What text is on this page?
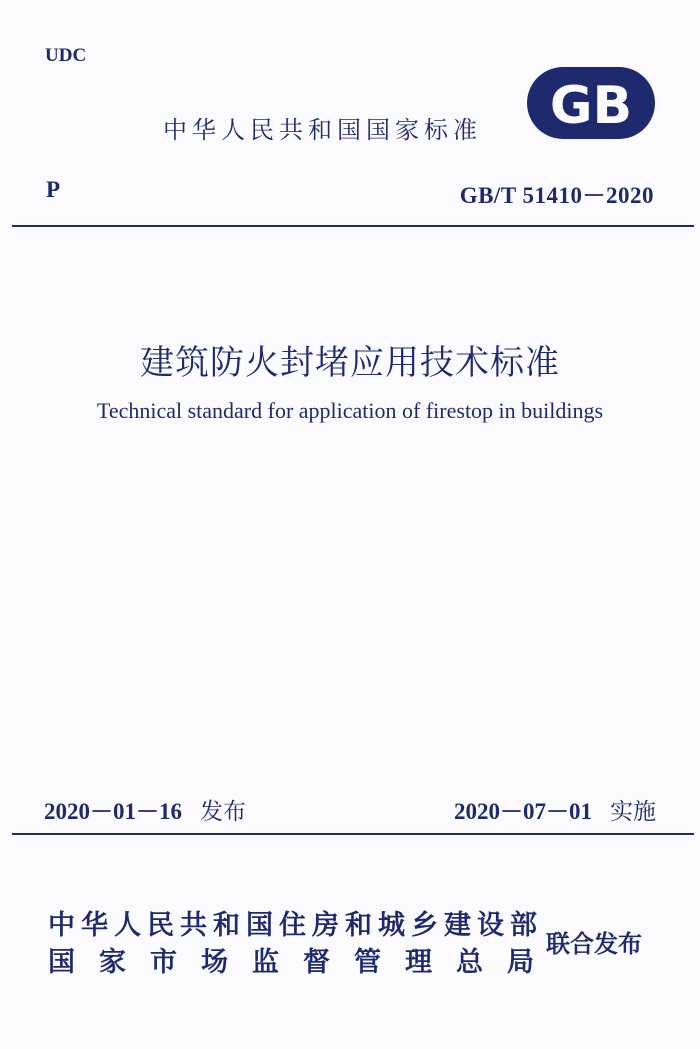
UDC
中华人民共和国国家标准 GB
P	GB/T 51410－2020
建筑防火封堵应用技术标准
Technical standard for application of firestop in buildings
2020－01－16 发布	2020－07－01 实施
中华人民共和国住房和城乡建设部
国家市场监督管理总局
联合发布
